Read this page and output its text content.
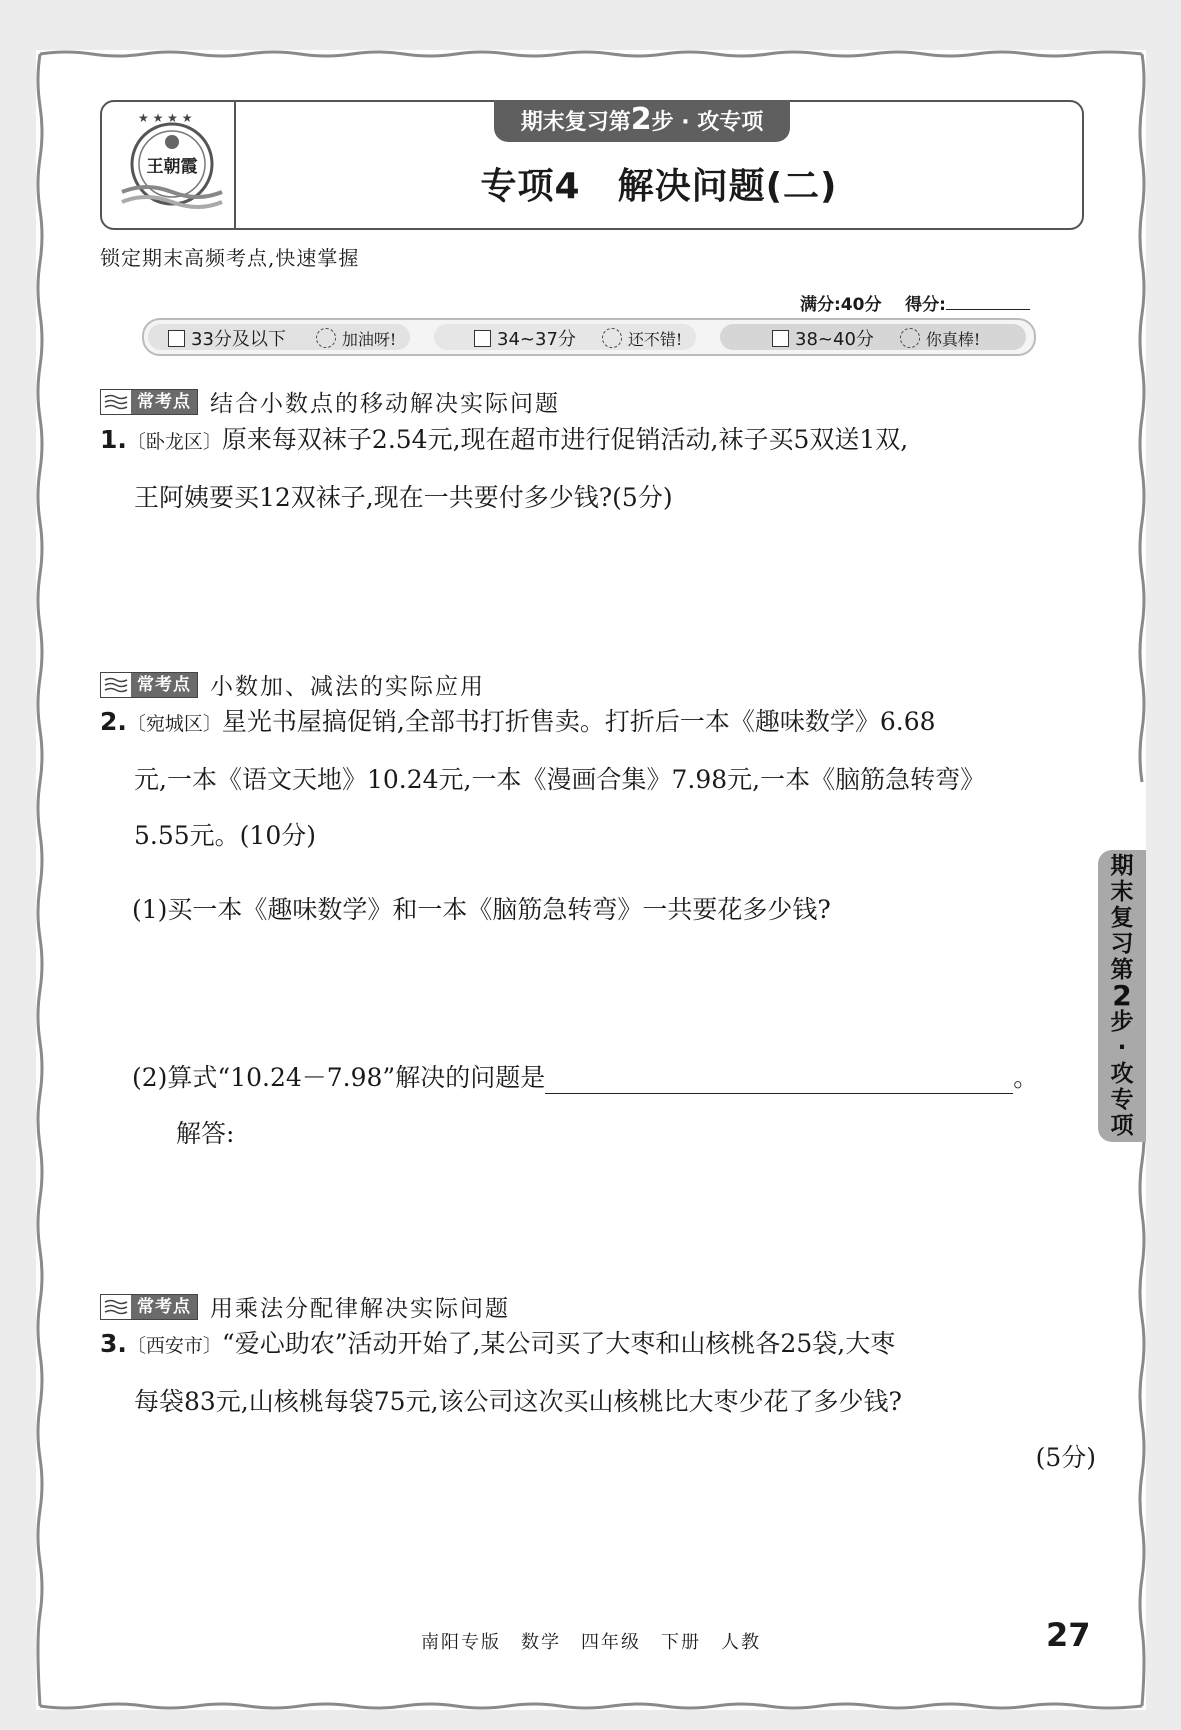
★ ★ ★ ★
王朝霞
期末复习第2步 · 攻专项
专项4　解决问题(二)
锁定期末高频考点,快速掌握
满分:40分 得分:
33分及以下	加油呀!	34~37分	还不错!	38~40分	你真棒!
常考点 结合小数点的移动解决实际问题
1.〔卧龙区〕原来每双袜子2.54元,现在超市进行促销活动,袜子买5双送1双,
王阿姨要买12双袜子,现在一共要付多少钱?(5分)
常考点 小数加、减法的实际应用
2.〔宛城区〕星光书屋搞促销,全部书打折售卖。打折后一本《趣味数学》6.68
元,一本《语文天地》10.24元,一本《漫画合集》7.98元,一本《脑筋急转弯》
5.55元。(10分)
(1)买一本《趣味数学》和一本《脑筋急转弯》一共要花多少钱?
(2)算式“10.24－7.98”解决的问题是	。
解答:
常考点 用乘法分配律解决实际问题
3.〔西安市〕“爱心助农”活动开始了,某公司买了大枣和山核桃各25袋,大枣
每袋83元,山核桃每袋75元,该公司这次买山核桃比大枣少花了多少钱?
(5分)
南阳专版　数学　四年级　下册　人教	27
期
末
复
习
第
2
步
·
攻
专
项
